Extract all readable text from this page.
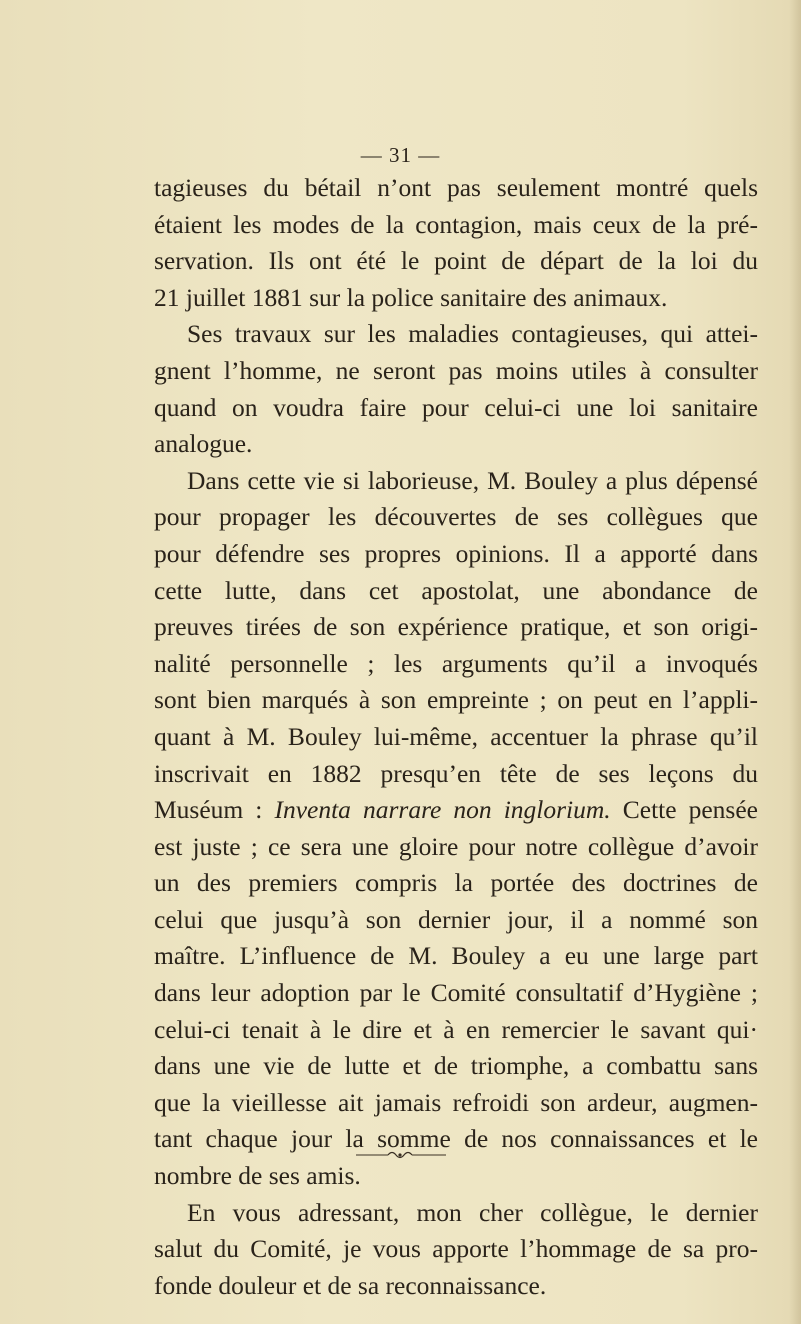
— 31 —
tagieuses du bétail n’ont pas seulement montré quels
étaient les modes de la contagion, mais ceux de la pré-
servation. Ils ont été le point de départ de la loi du
21 juillet 1881 sur la police sanitaire des animaux.
Ses travaux sur les maladies contagieuses, qui attei-
gnent l’homme, ne seront pas moins utiles à consulter
quand on voudra faire pour celui-ci une loi sanitaire
analogue.
Dans cette vie si laborieuse, M. Bouley a plus dépensé
pour propager les découvertes de ses collègues que
pour défendre ses propres opinions. Il a apporté dans
cette lutte, dans cet apostolat, une abondance de
preuves tirées de son expérience pratique, et son origi-
nalité personnelle ; les arguments qu’il a invoqués
sont bien marqués à son empreinte ; on peut en l’appli-
quant à M. Bouley lui-même, accentuer la phrase qu’il
inscrivait en 1882 presqu’en tête de ses leçons du
Muséum : Inventa narrare non inglorium. Cette pensée
est juste ; ce sera une gloire pour notre collègue d’avoir
un des premiers compris la portée des doctrines de
celui que jusqu’à son dernier jour, il a nommé son
maître. L’influence de M. Bouley a eu une large part
dans leur adoption par le Comité consultatif d’Hygiène ;
celui-ci tenait à le dire et à en remercier le savant qui·
dans une vie de lutte et de triomphe, a combattu sans
que la vieillesse ait jamais refroidi son ardeur, augmen-
tant chaque jour la somme de nos connaissances et le
nombre de ses amis.
En vous adressant, mon cher collègue, le dernier
salut du Comité, je vous apporte l’hommage de sa pro-
fonde douleur et de sa reconnaissance.
